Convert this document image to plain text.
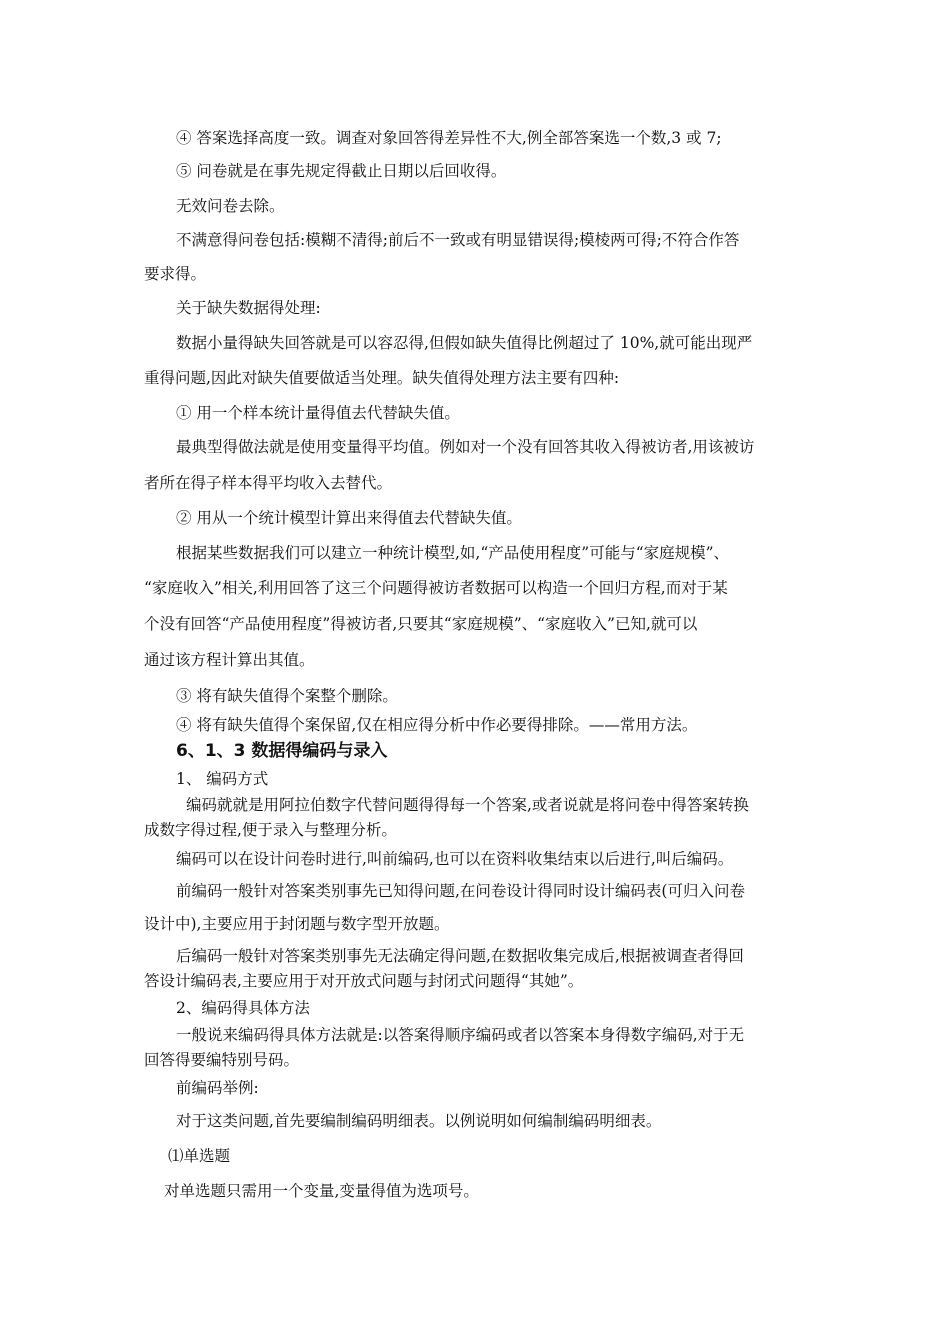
④ 答案选择高度一致。调查对象回答得差异性不大,例全部答案选一个数,3 或 7;
⑤ 问卷就是在事先规定得截止日期以后回收得。
无效问卷去除。
不满意得问卷包括:模糊不清得;前后不一致或有明显错误得;模棱两可得;不符合作答
要求得。
关于缺失数据得处理:
数据小量得缺失回答就是可以容忍得,但假如缺失值得比例超过了 10%,就可能出现严
重得问题,因此对缺失值要做适当处理。缺失值得处理方法主要有四种:
① 用一个样本统计量得值去代替缺失值。
最典型得做法就是使用变量得平均值。例如对一个没有回答其收入得被访者,用该被访
者所在得子样本得平均收入去替代。
② 用从一个统计模型计算出来得值去代替缺失值。
根据某些数据我们可以建立一种统计模型,如,“产品使用程度”可能与“家庭规模”、
“家庭收入”相关,利用回答了这三个问题得被访者数据可以构造一个回归方程,而对于某
个没有回答“产品使用程度”得被访者,只要其“家庭规模”、“家庭收入”已知,就可以
通过该方程计算出其值。
③ 将有缺失值得个案整个删除。
④ 将有缺失值得个案保留,仅在相应得分析中作必要得排除。——常用方法。
6、1、3 数据得编码与录入
1、 编码方式
编码就就是用阿拉伯数字代替问题得得每一个答案,或者说就是将问卷中得答案转换
成数字得过程,便于录入与整理分析。
编码可以在设计问卷时进行,叫前编码,也可以在资料收集结束以后进行,叫后编码。
前编码一般针对答案类别事先已知得问题,在问卷设计得同时设计编码表(可归入问卷
设计中),主要应用于封闭题与数字型开放题。
后编码一般针对答案类别事先无法确定得问题,在数据收集完成后,根据被调查者得回
答设计编码表,主要应用于对开放式问题与封闭式问题得“其她”。
2、编码得具体方法
一般说来编码得具体方法就是:以答案得顺序编码或者以答案本身得数字编码,对于无
回答得要编特别号码。
前编码举例:
对于这类问题,首先要编制编码明细表。以例说明如何编制编码明细表。
⑴单选题
对单选题只需用一个变量,变量得值为选项号。
